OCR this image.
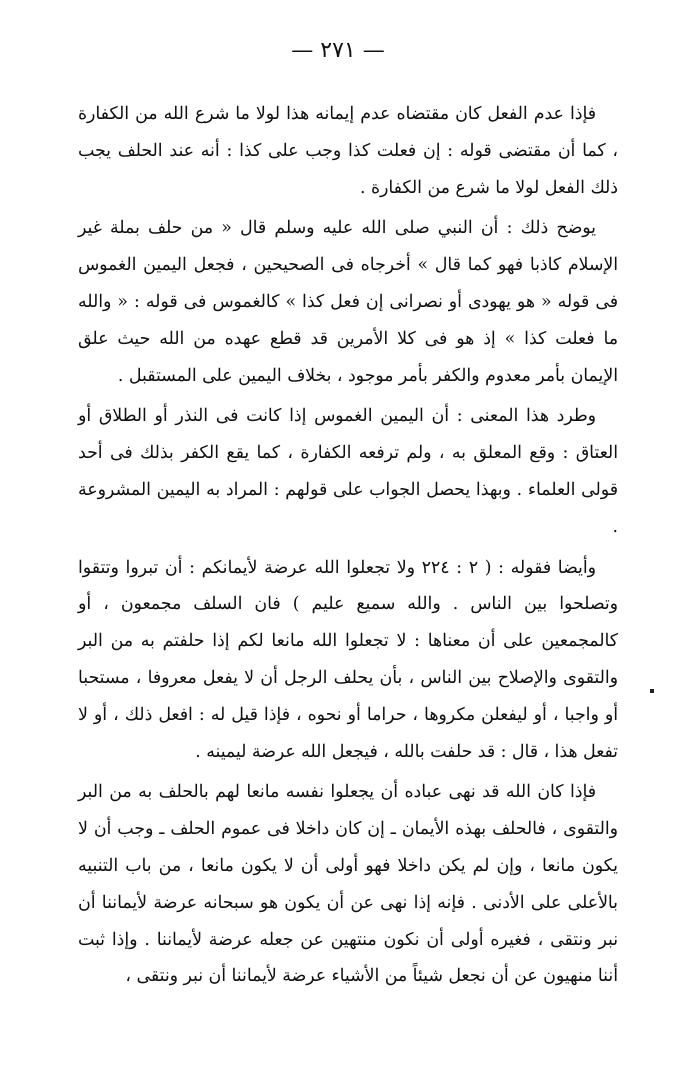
— ٢٧١ —

فإذا عدم الفعل كان مقتضاه عدم إيمانه هذا لولا ما شرع الله من الكفارة ، كما أن مقتضى قوله : إن فعلت كذا وجب على كذا : أنه عند الحلف يجب ذلك الفعل لولا ما شرع من الكفارة .

يوضح ذلك : أن النبي صلى الله عليه وسلم قال « من حلف بملة غير الإسلام كاذبا فهو كما قال » أخرجاه فى الصحيحين ، فجعل اليمين الغموس فى قوله « هو يهودى أو نصرانى إن فعل كذا » كالغموس فى قوله : « والله ما فعلت كذا » إذ هو فى كلا الأمرين قد قطع عهده من الله حيث علق الإيمان بأمر معدوم والكفر بأمر موجود ، بخلاف اليمين على المستقبل .

وطرد هذا المعنى : أن اليمين الغموس إذا كانت فى النذر أو الطلاق أو العتاق : وقع المعلق به ، ولم ترفعه الكفارة ، كما يقع الكفر بذلك فى أحد قولى العلماء . وبهذا يحصل الجواب على قولهم : المراد به اليمين المشروعة .

وأيضا فقوله : ( ٢ : ٢٢٤ ولا تجعلوا الله عرضة لأيمانكم : أن تبروا وتتقوا وتصلحوا بين الناس . والله سميع عليم ) فان السلف مجمعون ، أو كالمجمعين على أن معناها : لا تجعلوا الله مانعا لكم إذا حلفتم به من البر والتقوى والإصلاح بين الناس ، بأن يحلف الرجل أن لا يفعل معروفا ، مستحبا أو واجبا ، أو ليفعلن مكروها ، حراما أو نحوه ، فإذا قيل له : افعل ذلك ، أو لا تفعل هذا ، قال : قد حلفت بالله ، فيجعل الله عرضة ليمينه .

فإذا كان الله قد نهى عباده أن يجعلوا نفسه مانعا لهم بالحلف به من البر والتقوى ، فالحلف بهذه الأيمان ـ إن كان داخلا فى عموم الحلف ـ وجب أن لا يكون مانعا ، وإن لم يكن داخلا فهو أولى أن لا يكون مانعا ، من باب التنبيه بالأعلى على الأدنى . فإنه إذا نهى عن أن يكون هو سبحانه عرضة لأيماننا أن نبر ونتقى ، فغيره أولى أن نكون منتهين عن جعله عرضة لأيماننا . وإذا ثبت أننا منهيون عن أن نجعل شيئاً من الأشياء عرضة لأيماننا أن نبر ونتقى ،
